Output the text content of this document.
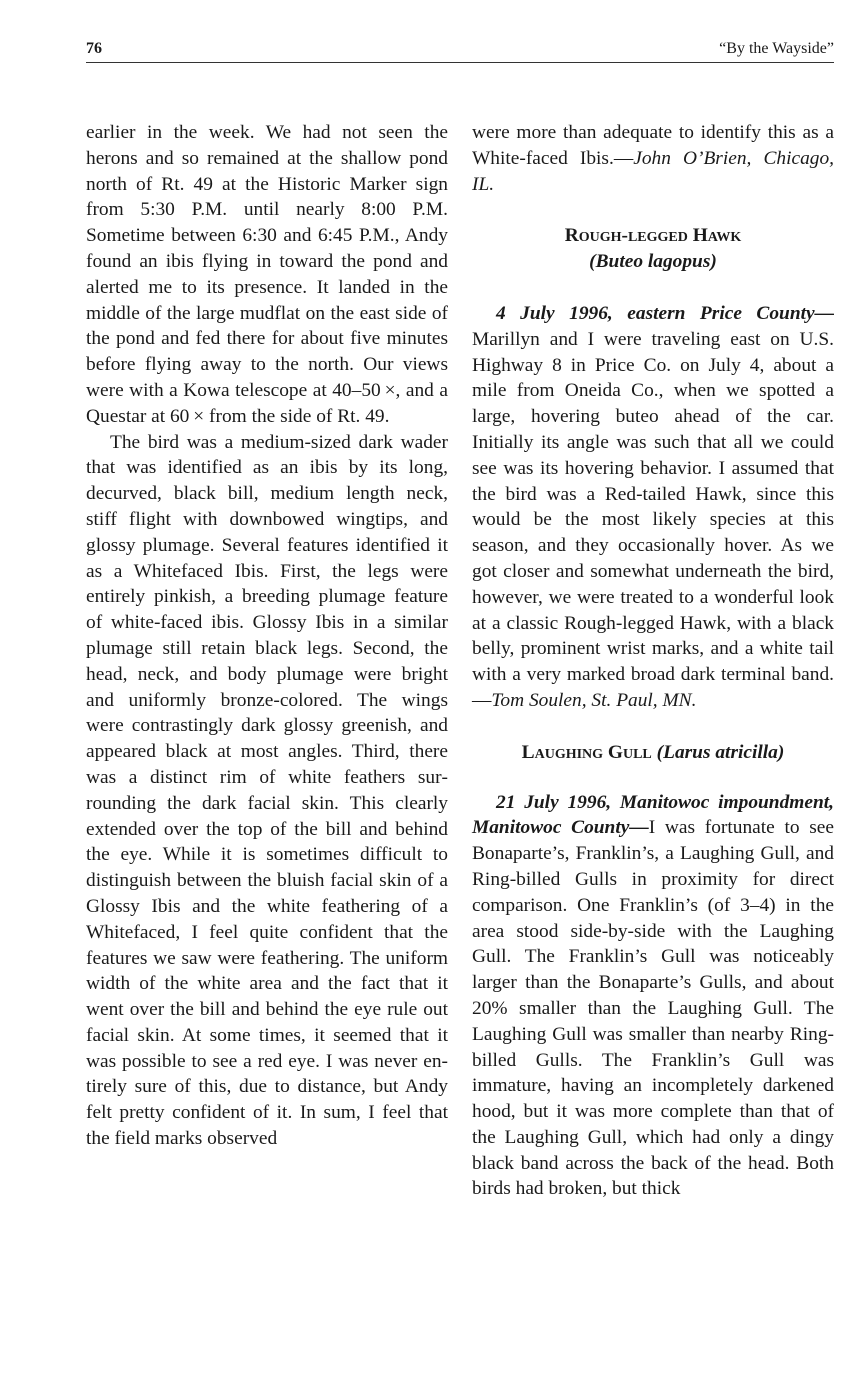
76	“By the Wayside”

earlier in the week. We had not seen the herons and so remained at the shallow pond north of Rt. 49 at the Historic Marker sign from 5:30 P.M. until nearly 8:00 P.M. Sometime between 6:30 and 6:45 P.M., Andy found an ibis flying in toward the pond and alerted me to its presence. It landed in the middle of the large mudflat on the east side of the pond and fed there for about five minutes before flying away to the north. Our views were with a Kowa telescope at 40–50 ×, and a Questar at 60 × from the side of Rt. 49.

The bird was a medium-sized dark wader that was identified as an ibis by its long, decurved, black bill, medium length neck, stiff flight with downbowed wingtips, and glossy plumage. Several features identified it as a Whitefaced Ibis. First, the legs were entirely pinkish, a breeding plumage feature of white-faced ibis. Glossy Ibis in a similar plumage still retain black legs. Second, the head, neck, and body plumage were bright and uniformly bronze-colored. The wings were contrastingly dark glossy greenish, and appeared black at most angles. Third, there was a distinct rim of white feathers surrounding the dark facial skin. This clearly extended over the top of the bill and behind the eye. While it is sometimes difficult to distinguish between the bluish facial skin of a Glossy Ibis and the white feathering of a Whitefaced, I feel quite confident that the features we saw were feathering. The uniform width of the white area and the fact that it went over the bill and behind the eye rule out facial skin. At some times, it seemed that it was possible to see a red eye. I was never entirely sure of this, due to distance, but Andy felt pretty confident of it. In sum, I feel that the field marks observed

were more than adequate to identify this as a White-faced Ibis.—John O’Brien, Chicago, IL.

Rough-legged Hawk
(Buteo lagopus)

4 July 1996, eastern Price County—Marillyn and I were traveling east on U.S. Highway 8 in Price Co. on July 4, about a mile from Oneida Co., when we spotted a large, hovering buteo ahead of the car. Initially its angle was such that all we could see was its hovering behavior. I assumed that the bird was a Red-tailed Hawk, since this would be the most likely species at this season, and they occasionally hover. As we got closer and somewhat underneath the bird, however, we were treated to a wonderful look at a classic Rough-legged Hawk, with a black belly, prominent wrist marks, and a white tail with a very marked broad dark terminal band.—Tom Soulen, St. Paul, MN.

Laughing Gull (Larus atricilla)

21 July 1996, Manitowoc impoundment, Manitowoc County—I was fortunate to see Bonaparte’s, Franklin’s, a Laughing Gull, and Ring-billed Gulls in proximity for direct comparison. One Franklin’s (of 3–4) in the area stood side-by-side with the Laughing Gull. The Franklin’s Gull was noticeably larger than the Bonaparte’s Gulls, and about 20% smaller than the Laughing Gull. The Laughing Gull was smaller than nearby Ring-billed Gulls. The Franklin’s Gull was immature, having an incompletely darkened hood, but it was more complete than that of the Laughing Gull, which had only a dingy black band across the back of the head. Both birds had broken, but thick
